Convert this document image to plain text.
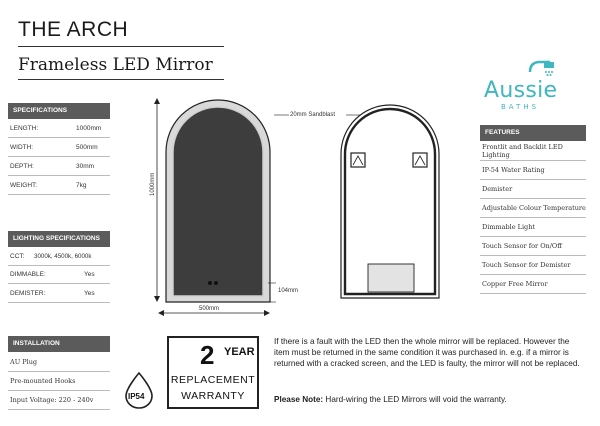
THE ARCH
Frameless LED Mirror
Aussie
BATHS
SPECIFICATIONS
LENGTH:	1000mm
WIDTH:	500mm
DEPTH:	30mm
WEIGHT:	7kg
LIGHTING SPECIFICATIONS
CCT:	3000k, 4500k, 6000k
DIMMABLE:	Yes
DEMISTER:	Yes
INSTALLATION
AU Plug
Pre-mounted Hooks
Input Voltage: 220 - 240v	IP54
FEATURES
Frontlit and Backlit LED Lighting
IP-54 Water Rating
Demister
Adjustable Colour Temperature
Dimmable Light
Touch Sensor for On/Off
Touch Sensor for Demister
Copper Free Mirror
1000mm
104mm
500mm
20mm Sandblast
2 YEAR
REPLACEMENT
WARRANTY
If there is a fault with the LED then the whole mirror will be replaced. However the item must be returned in the same condition it was purchased in. e.g. if a mirror is returned with a cracked screen, and the LED is faulty, the mirror will not be replaced.
Please Note: Hard-wiring the LED Mirrors will void the warranty.
